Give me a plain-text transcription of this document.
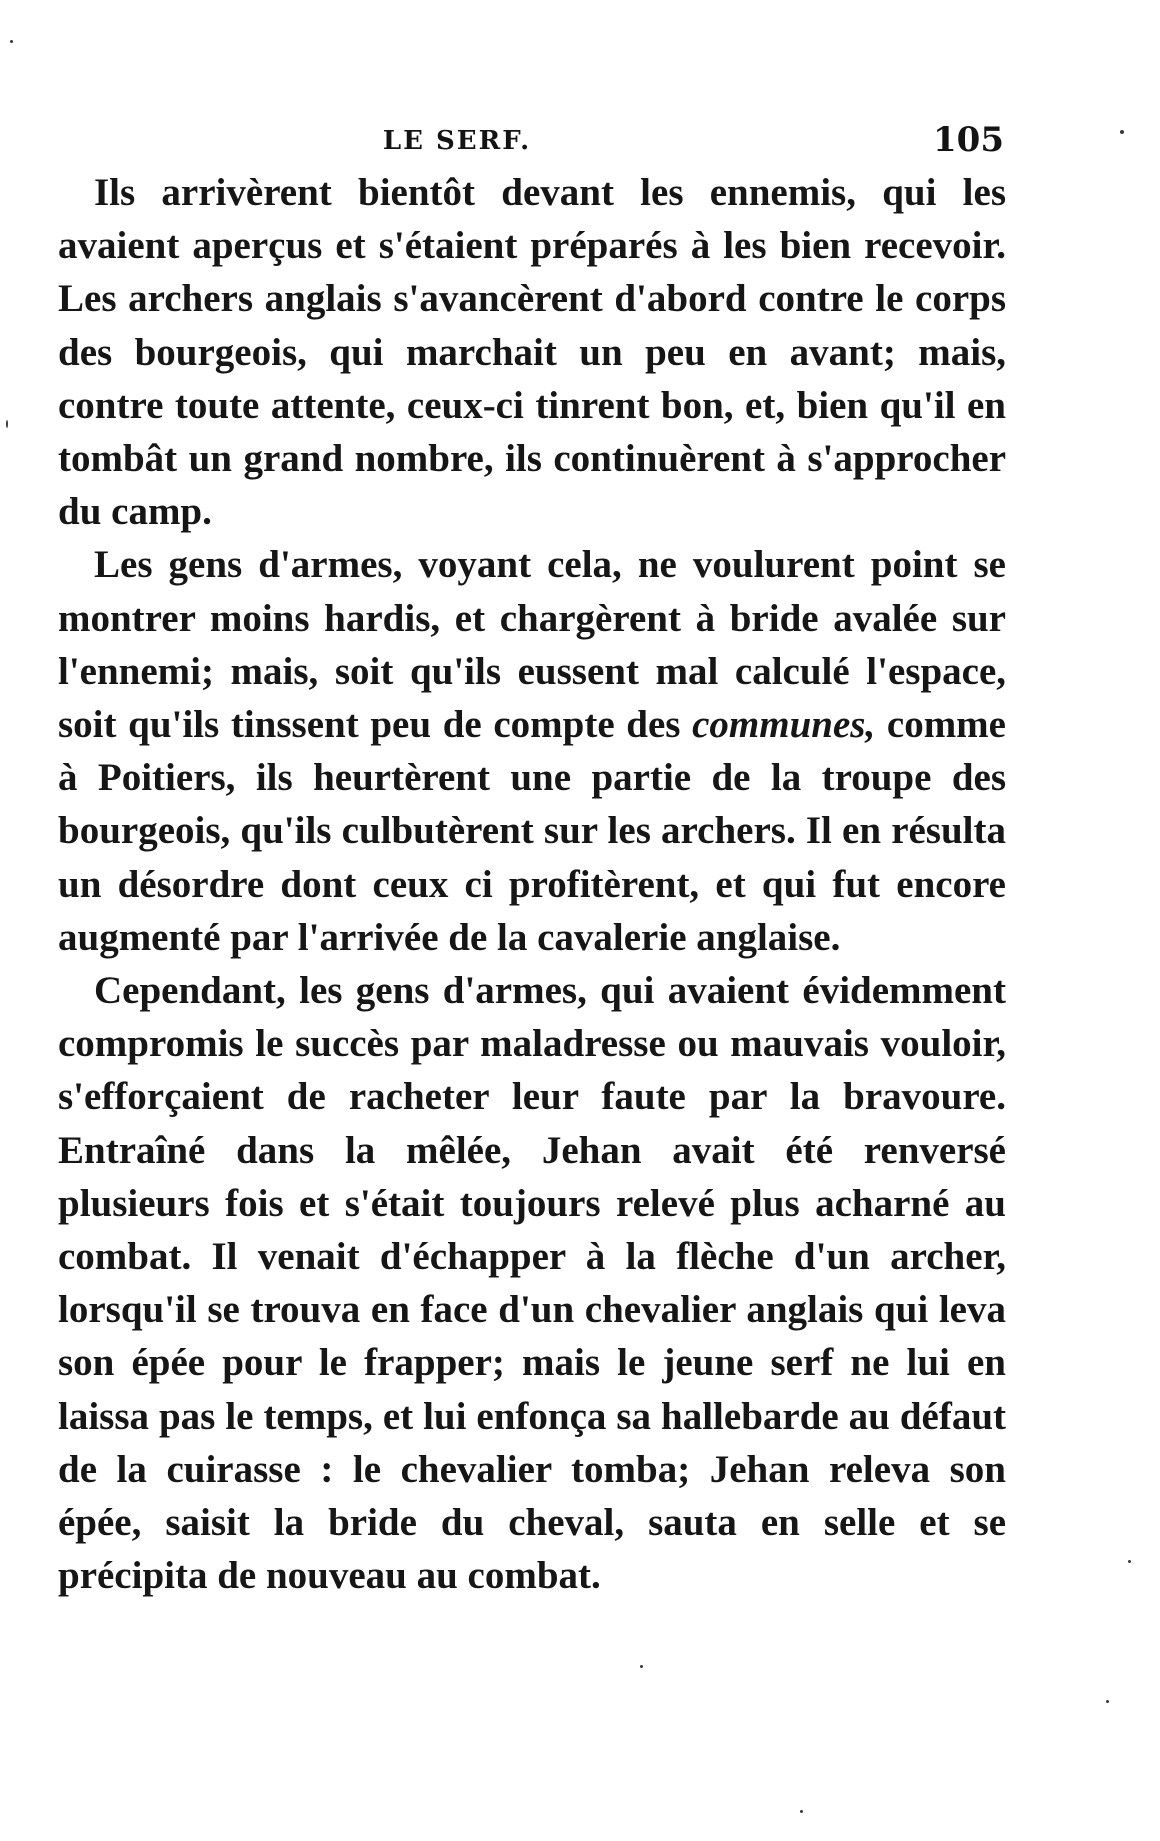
LE SERF.	105

Ils arrivèrent bientôt devant les ennemis, qui les avaient aperçus et s'étaient préparés à les bien recevoir. Les archers anglais s'avancèrent d'abord contre le corps des bourgeois, qui marchait un peu en avant; mais, contre toute attente, ceux-ci tinrent bon, et, bien qu'il en tombât un grand nombre, ils continuèrent à s'approcher du camp.

Les gens d'armes, voyant cela, ne voulurent point se montrer moins hardis, et chargèrent à bride avalée sur l'ennemi; mais, soit qu'ils eussent mal calculé l'espace, soit qu'ils tinssent peu de compte des communes, comme à Poitiers, ils heurtèrent une partie de la troupe des bourgeois, qu'ils culbutèrent sur les archers. Il en résulta un désordre dont ceux ci profitèrent, et qui fut encore augmenté par l'arrivée de la cavalerie anglaise.

Cependant, les gens d'armes, qui avaient évidemment compromis le succès par maladresse ou mauvais vouloir, s'efforçaient de racheter leur faute par la bravoure. Entraîné dans la mêlée, Jehan avait été renversé plusieurs fois et s'était toujours relevé plus acharné au combat. Il venait d'échapper à la flèche d'un archer, lorsqu'il se trouva en face d'un chevalier anglais qui leva son épée pour le frapper; mais le jeune serf ne lui en laissa pas le temps, et lui enfonça sa hallebarde au défaut de la cuirasse : le chevalier tomba; Jehan releva son épée, saisit la bride du cheval, sauta en selle et se précipita de nouveau au combat.
